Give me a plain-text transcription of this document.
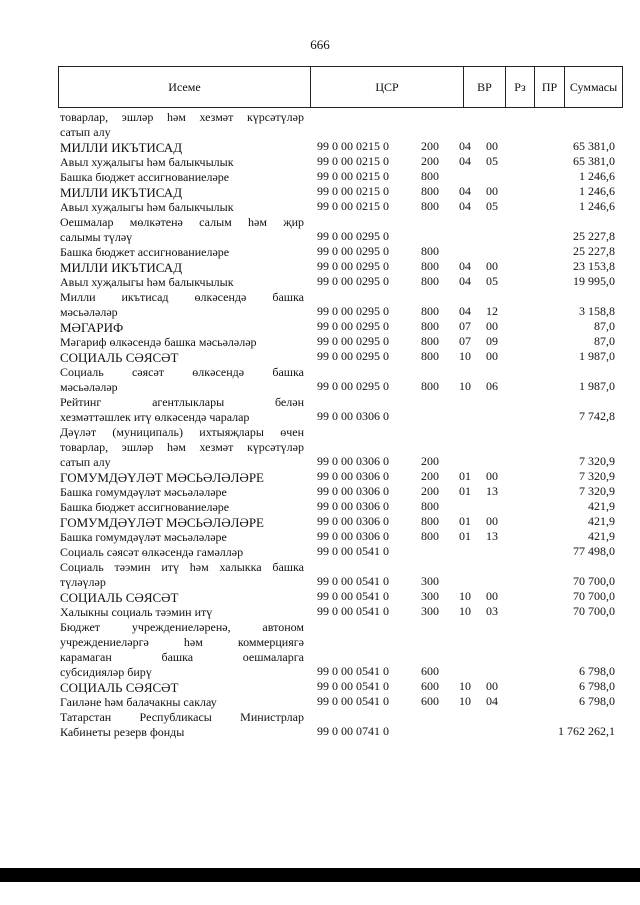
666
Исеме	ЦСР	ВР	Рз	ПР	Суммасы
товарлар, эшләр һәм хезмәт күрсәтүләр
сатып алу
МИЛЛИ ИКЪТИСАД	99 0 00 0215 0	200 04 00	65 381,0
Авыл хуҗалыгы һәм балыкчылык	99 0 00 0215 0	200 04 05	65 381,0
Башка бюджет ассигнованиеләре	99 0 00 0215 0	800	1 246,6
МИЛЛИ ИКЪТИСАД	99 0 00 0215 0	800 04 00	1 246,6
Авыл хуҗалыгы һәм балыкчылык	99 0 00 0215 0	800 04 05	1 246,6
Оешмалар мөлкәтенә салым һәм җир
салымы түләү	99 0 00 0295 0	25 227,8
Башка бюджет ассигнованиеләре	99 0 00 0295 0	800	25 227,8
МИЛЛИ ИКЪТИСАД	99 0 00 0295 0	800 04 00	23 153,8
Авыл хуҗалыгы һәм балыкчылык	99 0 00 0295 0	800 04 05	19 995,0
Милли икътисад өлкәсендә башка
мәсьәләләр	99 0 00 0295 0	800 04 12	3 158,8
МӘГАРИФ	99 0 00 0295 0	800 07 00	87,0
Мәгариф өлкәсендә башка мәсьәләләр	99 0 00 0295 0	800 07 09	87,0
СОЦИАЛЬ СӘЯСӘТ	99 0 00 0295 0	800 10 00	1 987,0
Социаль сәясәт өлкәсендә башка
мәсьәләләр	99 0 00 0295 0	800 10 06	1 987,0
Рейтинг агентлыклары белән
хезмәттәшлек итү өлкәсендә чаралар	99 0 00 0306 0	7 742,8
Дәүләт (муниципаль) ихтыяҗлары өчен
товарлар, эшләр һәм хезмәт күрсәтүләр
сатып алу	99 0 00 0306 0	200	7 320,9
ГОМУМДӘҮЛӘТ МӘСЬӘЛӘЛӘРЕ	99 0 00 0306 0	200 01 00	7 320,9
Башка гомумдәүләт мәсьәләләре	99 0 00 0306 0	200 01 13	7 320,9
Башка бюджет ассигнованиеләре	99 0 00 0306 0	800	421,9
ГОМУМДӘҮЛӘТ МӘСЬӘЛӘЛӘРЕ	99 0 00 0306 0	800 01 00	421,9
Башка гомумдәүләт мәсьәләләре	99 0 00 0306 0	800 01 13	421,9
Социаль сәясәт өлкәсендә гамәлләр	99 0 00 0541 0	77 498,0
Социаль тәэмин итү һәм халыкка башка
түләүләр	99 0 00 0541 0	300	70 700,0
СОЦИАЛЬ СӘЯСӘТ	99 0 00 0541 0	300 10 00	70 700,0
Халыкны социаль тәэмин итү	99 0 00 0541 0	300 10 03	70 700,0
Бюджет учреждениеләренә, автоном
учреждениеләргә һәм коммерциягә
карамаган башка оешмаларга
субсидияләр бирү	99 0 00 0541 0	600	6 798,0
СОЦИАЛЬ СӘЯСӘТ	99 0 00 0541 0	600 10 00	6 798,0
Гаиләне һәм балачакны саклау	99 0 00 0541 0	600 10 04	6 798,0
Татарстан Республикасы Министрлар
Кабинеты резерв фонды	99 0 00 0741 0	1 762 262,1
